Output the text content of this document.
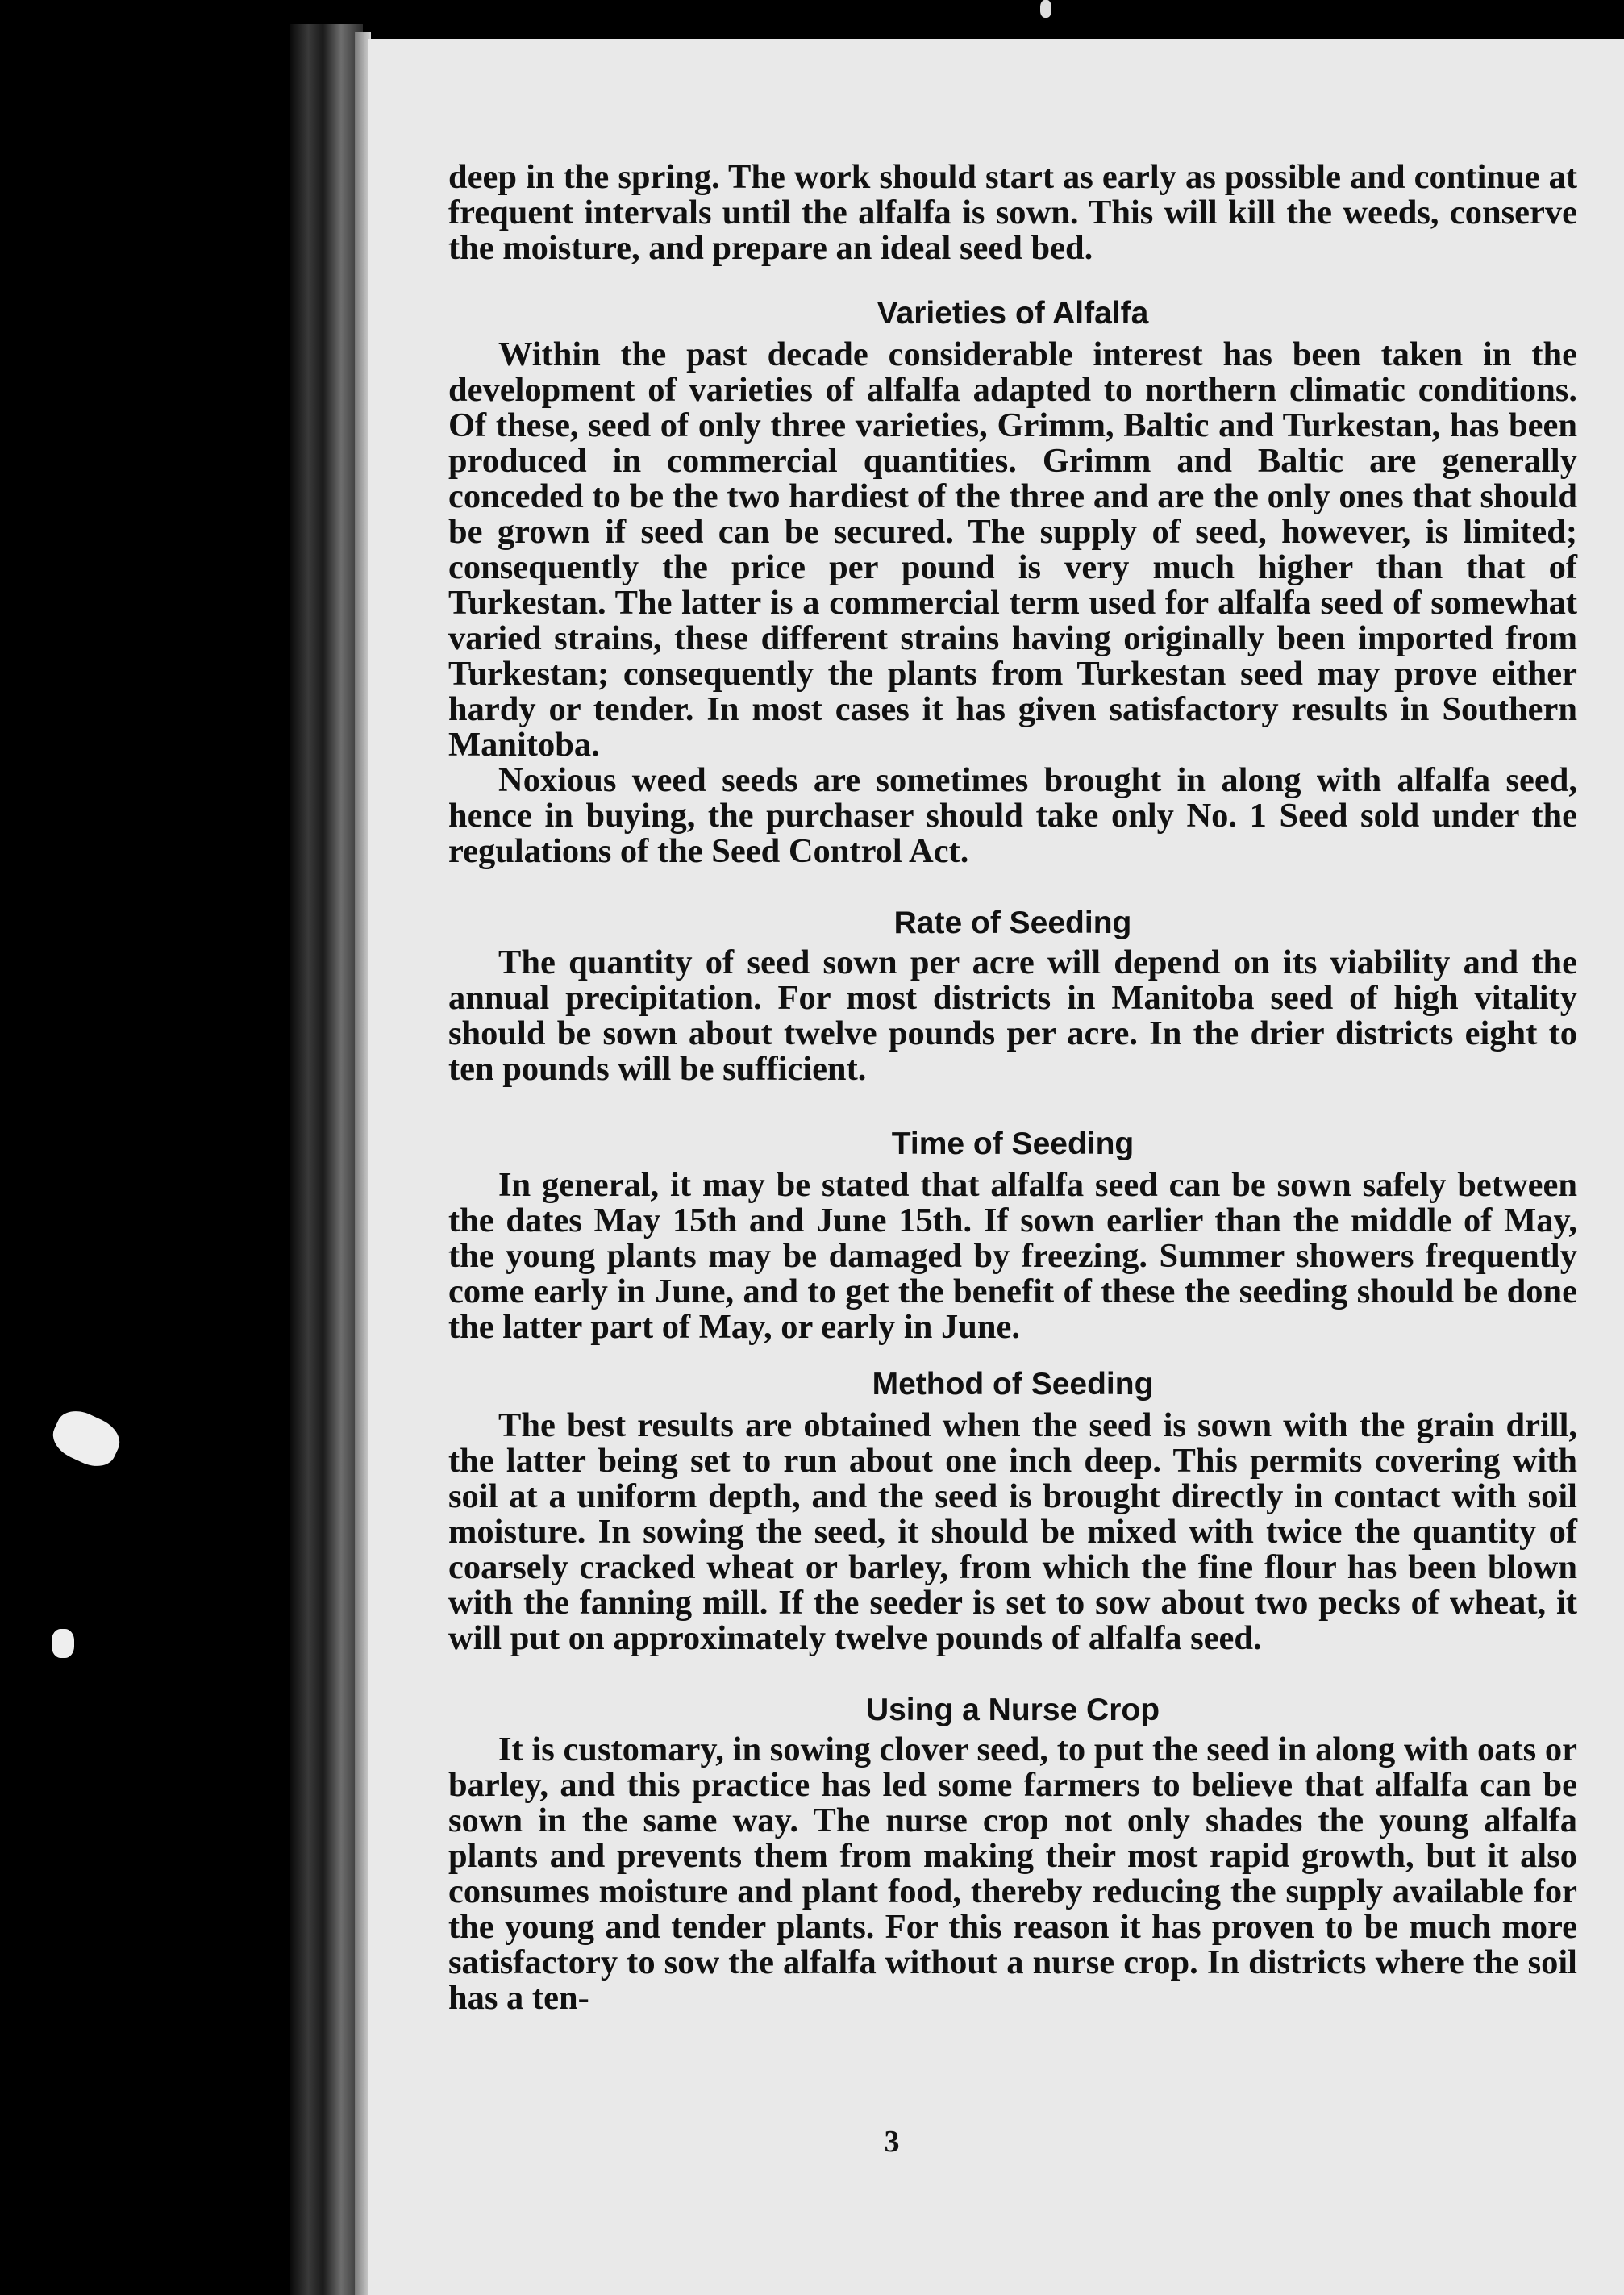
deep in the spring. The work should start as early as possible and continue at frequent intervals until the alfalfa is sown. This will kill the weeds, conserve the moisture, and prepare an ideal seed bed.

Varieties of Alfalfa

Within the past decade considerable interest has been taken in the development of varieties of alfalfa adapted to northern climatic conditions. Of these, seed of only three varieties, Grimm, Baltic and Turkestan, has been produced in commercial quantities. Grimm and Baltic are generally conceded to be the two hardiest of the three and are the only ones that should be grown if seed can be secured. The supply of seed, however, is limited; consequently the price per pound is very much higher than that of Turkestan. The latter is a commercial term used for alfalfa seed of somewhat varied strains, these different strains having originally been imported from Turkestan; consequently the plants from Turkestan seed may prove either hardy or tender. In most cases it has given satisfactory results in Southern Manitoba.

Noxious weed seeds are sometimes brought in along with alfalfa seed, hence in buying, the purchaser should take only No. 1 Seed sold under the regulations of the Seed Control Act.

Rate of Seeding

The quantity of seed sown per acre will depend on its viability and the annual precipitation. For most districts in Manitoba seed of high vitality should be sown about twelve pounds per acre. In the drier districts eight to ten pounds will be sufficient.

Time of Seeding

In general, it may be stated that alfalfa seed can be sown safely between the dates May 15th and June 15th. If sown earlier than the middle of May, the young plants may be damaged by freezing. Summer showers frequently come early in June, and to get the benefit of these the seeding should be done the latter part of May, or early in June.

Method of Seeding

The best results are obtained when the seed is sown with the grain drill, the latter being set to run about one inch deep. This permits covering with soil at a uniform depth, and the seed is brought directly in contact with soil moisture. In sowing the seed, it should be mixed with twice the quantity of coarsely cracked wheat or barley, from which the fine flour has been blown with the fanning mill. If the seeder is set to sow about two pecks of wheat, it will put on approximately twelve pounds of alfalfa seed.

Using a Nurse Crop

It is customary, in sowing clover seed, to put the seed in along with oats or barley, and this practice has led some farmers to believe that alfalfa can be sown in the same way. The nurse crop not only shades the young alfalfa plants and prevents them from making their most rapid growth, but it also consumes moisture and plant food, thereby reducing the supply available for the young and tender plants. For this reason it has proven to be much more satisfactory to sow the alfalfa without a nurse crop. In districts where the soil has a ten-

3
